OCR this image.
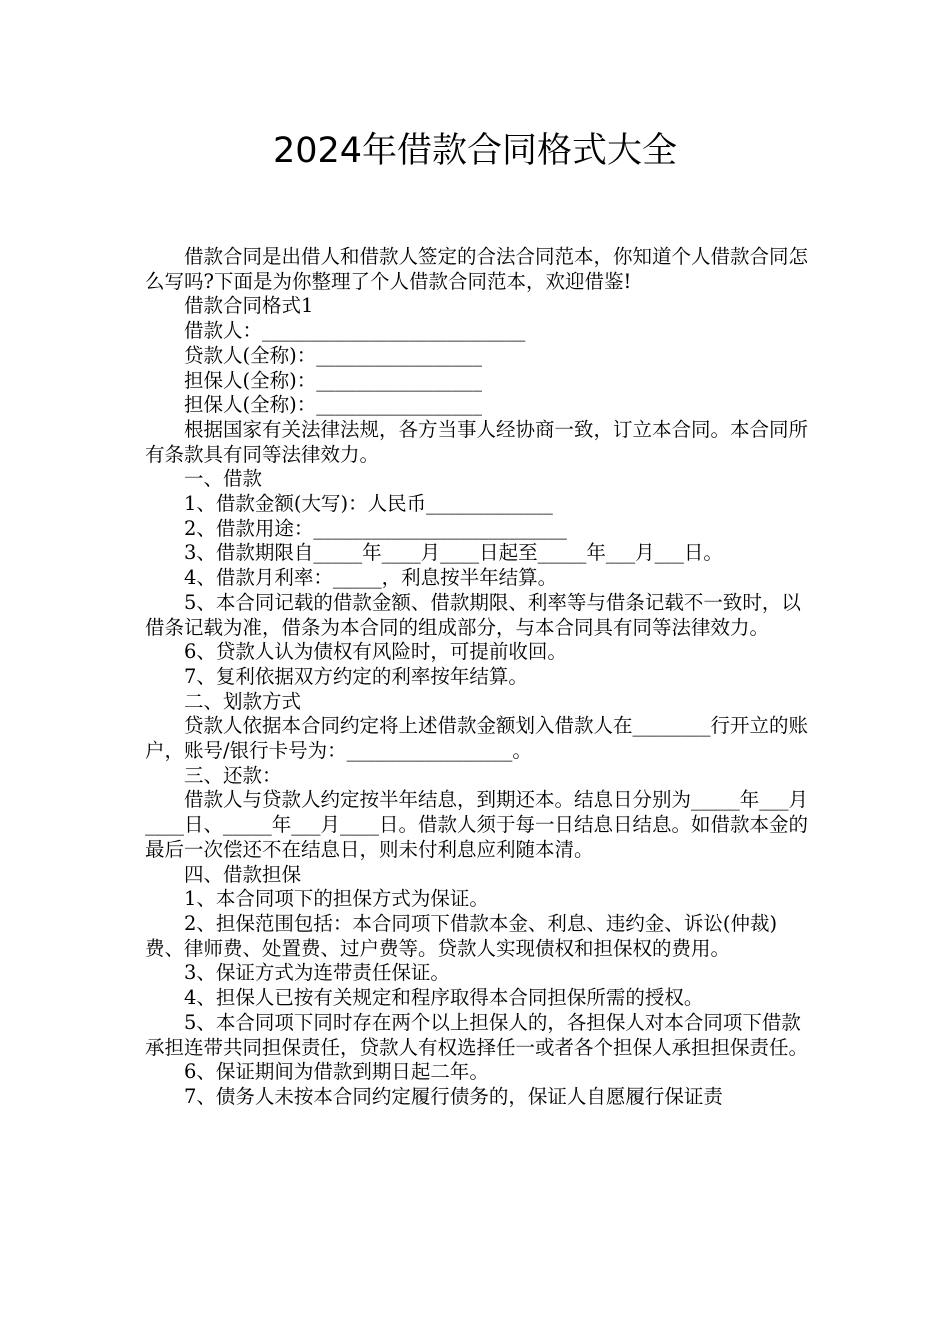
2024年借款合同格式大全

借款合同是出借人和借款人签定的合法合同范本，你知道个人借款合同怎么写吗?下面是为你整理了个人借款合同范本，欢迎借鉴!

借款合同格式1

借款人：___________________________

贷款人(全称)：_________________

担保人(全称)：_________________

担保人(全称)：_________________

根据国家有关法律法规，各方当事人经协商一致，订立本合同。本合同所有条款具有同等法律效力。

一、借款

1、借款金额(大写)：人民币_____________

2、借款用途：__________________________

3、借款期限自_____年____月____日起至_____年___月___日。

4、借款月利率：_____，利息按半年结算。

5、本合同记载的借款金额、借款期限、利率等与借条记载不一致时，以借条记载为准，借条为本合同的组成部分，与本合同具有同等法律效力。

6、贷款人认为债权有风险时，可提前收回。

7、复利依据双方约定的利率按年结算。

二、划款方式

贷款人依据本合同约定将上述借款金额划入借款人在________行开立的账户，账号/银行卡号为：_________________。

三、还款：

借款人与贷款人约定按半年结息，到期还本。结息日分别为_____年___月____日、_____年___月____日。借款人须于每一日结息日结息。如借款本金的最后一次偿还不在结息日，则未付利息应利随本清。

四、借款担保

1、本合同项下的担保方式为保证。

2、担保范围包括：本合同项下借款本金、利息、违约金、诉讼(仲裁)费、律师费、处置费、过户费等。贷款人实现债权和担保权的费用。

3、保证方式为连带责任保证。

4、担保人已按有关规定和程序取得本合同担保所需的授权。

5、本合同项下同时存在两个以上担保人的，各担保人对本合同项下借款承担连带共同担保责任，贷款人有权选择任一或者各个担保人承担担保责任。

6、保证期间为借款到期日起二年。

7、债务人未按本合同约定履行债务的，保证人自愿履行保证责
